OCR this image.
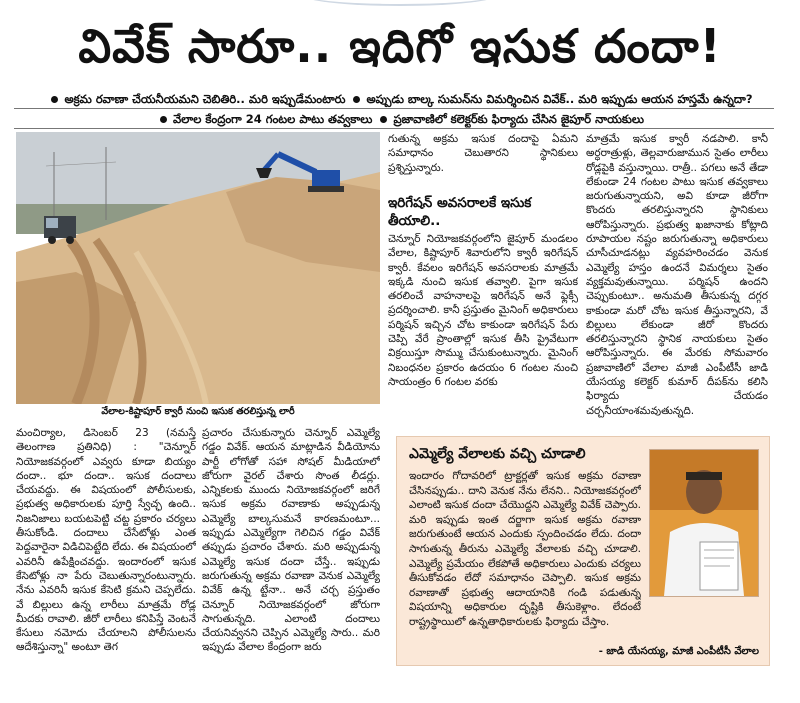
వివేక్ సారూ.. ఇదిగో ఇసుక దందా!
అక్రమ రవాణా చేయనీయమని చెబితిరి.. మరి ఇప్పుడేమంటారు అప్పుడు బాల్క సుమన్‌ను విమర్శించిన వివేక్.. మరి ఇప్పుడు ఆయన హస్తమే ఉన్నదా?
వేలాల కేంద్రంగా 24 గంటల పాటు తవ్వకాలు ప్రజావాణిలో కలెక్టర్‌కు ఫిర్యాదు చేసిన జైపూర్ నాయకులు
వేలాల-కిష్టాపూర్ క్వారీ నుంచి ఇసుక తరలిస్తున్న లారీ
మంచిర్యాల, డిసెంబర్ 23 (నమస్తే తెలంగాణ ప్రతినిధి) : "చెన్నూర్ నియోజకవర్గంలో ఎవ్వరు కూడా బియ్యం దందా.. భూ దందా.. ఇసుక దందాలు చేయవద్దు. ఈ విషయంలో పోలీసులకు, ప్రభుత్వ అధికారులకు పూర్తి స్వేచ్ఛ ఉంది.. నిజనిజాలు బయటపెట్టి చట్ట ప్రకారం చర్యలు తీసుకోండి. దందాలు చేసేటోళ్లు ఎంత పెద్దవారైనా విడిచిపెట్టేది లేదు. ఈ విషయంలో ఎవరినీ ఉపేక్షించవద్దు. ఇందారంలో ఇసుక కేసెటోళ్లు నా పేరు చెబుతున్నారంటున్నారు. నేను ఎవరినీ ఇసుక కేసెటి క్రమని చెప్పలేదు. వే బిల్లులు ఉన్న లారీలు మాత్రమే రోడ్ల మీదకు రావాలి. జీరో లారీలు కనిపిస్తే వెంటనే కేసులు నమోదు చేయాలని పోలీసులను ఆదేశిస్తున్నా" అంటూ తెగ
ప్రచారం చేసుకున్నారు చెన్నూర్ ఎమ్మెల్యే గడ్డం వివేక్. ఆయన మాట్లాడిన వీడియోను పార్టీ లోగోతో సహా సోషల్ మీడియాలో జోరుగా వైరల్ చేశారు సొంత లీడర్లు. ఎన్నికలకు ముందు నియోజకవర్గంలో జరిగే ఇసుక అక్రమ రవాణాకు అప్పుడున్న ఎమ్మెల్యే బాల్కసుమనే కారణమంటూ... ఇప్పుడు ఎమ్మెల్యేగా గెలిచిన గడ్డం వివేక్ తప్పుడు ప్రచారం చేశారు. మరి అప్పుడున్న ఎమ్మెల్యే ఇసుక దందా చేస్తే.. ఇప్పుడు జరుగుతున్న అక్రమ రవాణా వెనుక ఎమ్మెల్యే వివేక్ ఉన్న ట్టేనా.. అనే చర్చ ప్రస్తుతం చెన్నూర్ నియోజకవర్గంలో జోరుగా సాగుతున్నది. ఎలాంటి దందాలు చేయనివ్వనని చెప్పిన ఎమ్మెల్యే సారు.. మరి ఇప్పుడు వేలాల కేంద్రంగా జరు
గుతున్న అక్రమ ఇసుక దందాపై ఏమని సమాధానం చెబుతారని స్థానికులు ప్రశ్నిస్తున్నారు.
ఇరిగేషన్ అవసరాలకే ఇసుక తీయాలి..
చెన్నూర్ నియోజకవర్గంలోని జైపూర్ మండలం వేలాల, కిష్టాపూర్ శివారులోని క్వారీ ఇరిగేషన్ క్వారీ. కేవలం ఇరిగేషన్ అవసరాలకు మాత్రమే ఇక్కడి నుంచి ఇసుక తవ్వాలి. పైగా ఇసుక తరలించే వాహనాలపై ఇరిగేషన్ అనే ఫ్లెక్సీ ప్రదర్శించాలి. కానీ ప్రస్తుతం మైనింగ్ అధికారులు పర్మిషన్ ఇచ్చిన చోట కాకుండా ఇరిగేషన్ పేరు చెప్పి వేరే ప్రాంతాల్లో ఇసుక తీసి ప్రైవేటుగా విక్రయిస్తూ సొమ్ము చేసుకుంటున్నారు. మైనింగ్ నిబంధనల ప్రకారం ఉదయం 6 గంటల నుంచి సాయంత్రం 6 గంటల వరకు
మాత్రమే ఇసుక క్వారీ నడపాలి. కానీ అర్ధరాత్రుళ్లు, తెల్లవారుజామున సైతం లారీలు రోడ్లపైకి వస్తున్నాయి. రాత్రీ.. పగలు అనే తేడా లేకుండా 24 గంటల పాటు ఇసుక తవ్వకాలు జరుగుతున్నాయని, అవి కూడా జీరోగా కొందరు తరలిస్తున్నారని స్థానికులు ఆరోపిస్తున్నారు. ప్రభుత్వ ఖజానాకు కోట్లాది రూపాయల నష్టం జరుగుతున్నా అధికారులు చూసీచూడనట్లు వ్యవహరించడం వెనుక ఎమ్మెల్యే హస్తం ఉందనే విమర్శలు సైతం వ్యక్తమవుతున్నాయి. పర్మిషన్ ఉందని చెప్పుకుంటూ.. అనుమతి తీసుకున్న దగ్గర కాకుండా మరో చోట ఇసుక తీస్తున్నారని, వే బిల్లులు లేకుండా జీరో కొందరు తరలిస్తున్నారని స్థానిక నాయకులు సైతం ఆరోపిస్తున్నారు. ఈ మేరకు సోమవారం ప్రజావాణిలో వేలాల మాజీ ఎంపీటీసీ జాడి యేసయ్య కలెక్టర్ కుమార్ దీపక్‌ను కలిసి ఫిర్యాదు చేయడం చర్చనీయాంశమవుతున్నది.
ఎమ్మెల్యే వేలాలకు వచ్చి చూడాలి
ఇందారం గోదావరిలో ట్రాక్టర్లతో ఇసుక అక్రమ రవాణా చేసినప్పుడు.. దాని వెనుక నేను లేనని.. నియోజకవర్గంలో ఎలాంటి ఇసుక దందా చేయొద్దని ఎమ్మెల్యే వివేక్ చెప్పారు. మరి ఇప్పుడు ఇంత దర్జాగా ఇసుక అక్రమ రవాణా జరుగుతుంటే ఆయన ఎందుకు స్పందించడం లేదు. దందా సాగుతున్న తీరును ఎమ్మెల్యే వేలాలకు వచ్చి చూడాలి. ఎమ్మెల్యే ప్రమేయం లేకపోతే అధికారులు ఎందుకు చర్యలు తీసుకోవడం లేదో సమాధానం చెప్పాలి. ఇసుక అక్రమ రవాణాతో ప్రభుత్వ ఆదాయానికి గండి పడుతున్న విషయాన్ని అధికారుల దృష్టికి తీసుకెళ్లాం. లేదంటే రాష్ట్రస్థాయిలో ఉన్నతాధికారులకు ఫిర్యాదు చేస్తాం.
- జాడి యేసయ్య, మాజీ ఎంపీటీసీ వేలాల
